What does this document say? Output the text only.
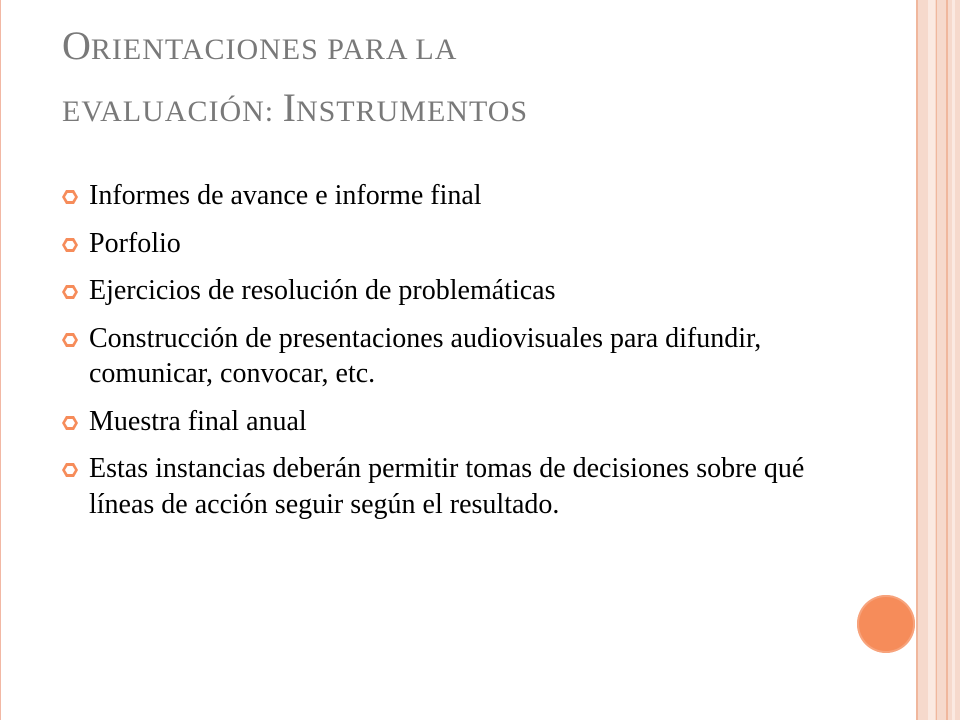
ORIENTACIONES PARA LA
EVALUACIÓN: INSTRUMENTOS
Informes de avance e informe final
Porfolio
Ejercicios de resolución de problemáticas
Construcción de presentaciones audiovisuales para difundir, comunicar, convocar, etc.
Muestra final anual
Estas instancias deberán permitir tomas de decisiones sobre qué líneas de acción seguir según el resultado.
